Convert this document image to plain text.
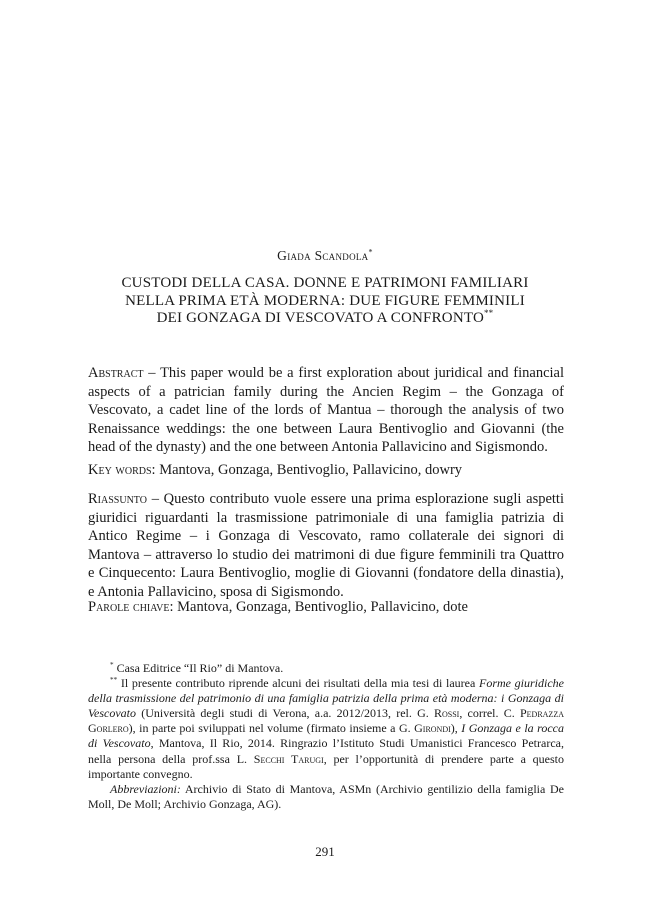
Giada Scandola*
CUSTODI DELLA CASA. DONNE E PATRIMONI FAMILIARI
NELLA PRIMA ETÀ MODERNA: DUE FIGURE FEMMINILI
DEI GONZAGA DI VESCOVATO A CONFRONTO**

Abstract – This paper would be a first exploration about juridical and financial aspects of a patrician family during the Ancien Regim – the Gonzaga of Vescovato, a cadet line of the lords of Mantua – thorough the analysis of two Renaissance weddings: the one between Laura Bentivoglio and Giovanni (the head of the dynasty) and the one between Antonia Pallavicino and Sigismondo.

Key words: Mantova, Gonzaga, Bentivoglio, Pallavicino, dowry

Riassunto – Questo contributo vuole essere una prima esplorazione sugli aspetti giuridici riguardanti la trasmissione patrimoniale di una famiglia patrizia di Antico Regime – i Gonzaga di Vescovato, ramo collaterale dei signori di Mantova – attraverso lo studio dei matrimoni di due figure femminili tra Quattro e Cinquecento: Laura Bentivoglio, moglie di Giovanni (fondatore della dinastia), e Antonia Pallavicino, sposa di Sigismondo.

Parole chiave: Mantova, Gonzaga, Bentivoglio, Pallavicino, dote

* Casa Editrice “Il Rio” di Mantova.

** Il presente contributo riprende alcuni dei risultati della mia tesi di laurea Forme giuridiche della trasmissione del patrimonio di una famiglia patrizia della prima età moderna: i Gonzaga di Vescovato (Università degli studi di Verona, a.a. 2012/2013, rel. G. Rossi, correl. C. Pedrazza Gorlero), in parte poi sviluppati nel volume (firmato insieme a G. Girondi), I Gonzaga e la rocca di Vescovato, Mantova, Il Rio, 2014. Ringrazio l’Istituto Studi Umanistici Francesco Petrarca, nella persona della prof.ssa L. Secchi Tarugi, per l’opportunità di prendere parte a questo importante convegno.

Abbreviazioni: Archivio di Stato di Mantova, ASMn (Archivio gentilizio della famiglia De Moll, De Moll; Archivio Gonzaga, AG).

291
